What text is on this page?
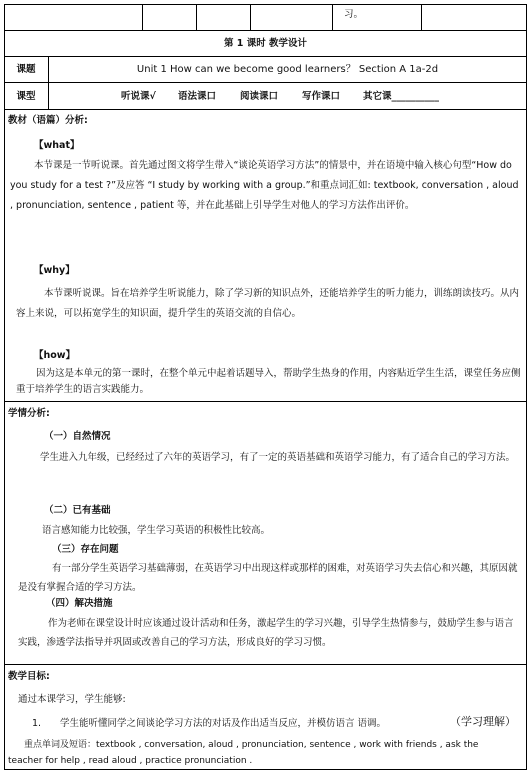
习。
第 1 课时 教学设计
课题	Unit 1 How can we become good learners？ Section A 1a-2d
课型	听说课√ 语法课口	阅读课口	写作课口 其它课__________
教材（语篇）分析:
【what】
本节课是一节听说课。首先通过图文将学生带入“谈论英语学习方法”的情景中，并在语境中输入核心句型“How do you study for a test ?”及应答 “I study by working with a group.”和重点词汇如: textbook, conversation , aloud , pronunciation, sentence , patient 等，并在此基础上引导学生对他人的学习方法作出评价。
【why】
本节课听说课。旨在培养学生听说能力，除了学习新的知识点外，还能培养学生的听力能力，训练朗读技巧。从内容上来说，可以拓宽学生的知识面，提升学生的英语交流的自信心。
【how】
因为这是本单元的第一课时，在整个单元中起着话题导入，帮助学生热身的作用，内容贴近学生生活，课堂任务应侧重于培养学生的语言实践能力。
学情分析:
（一）自然情况
学生进入九年级，已经经过了六年的英语学习，有了一定的英语基础和英语学习能力，有了适合自己的学习方法。
（二）已有基础
语言感知能力比较强，学生学习英语的积极性比较高。
（三）存在问题
有一部分学生英语学习基础薄弱，在英语学习中出现这样或那样的困难，对英语学习失去信心和兴趣，其原因就是没有掌握合适的学习方法。
（四）解决措施
作为老师在课堂设计时应该通过设计活动和任务，激起学生的学习兴趣，引导学生热情参与，鼓励学生参与语言实践，渗透学法指导并巩固或改善自己的学习方法，形成良好的学习习惯。
教学目标:
通过本课学习，学生能够:
1. 学生能听懂同学之间谈论学习方法的对话及作出适当反应，并模仿语言 语调。	（学习理解）
重点单词及短语：textbook , conversation, aloud , pronunciation, sentence , work with friends , ask the
teacher for help , read aloud , practice pronunciation .
